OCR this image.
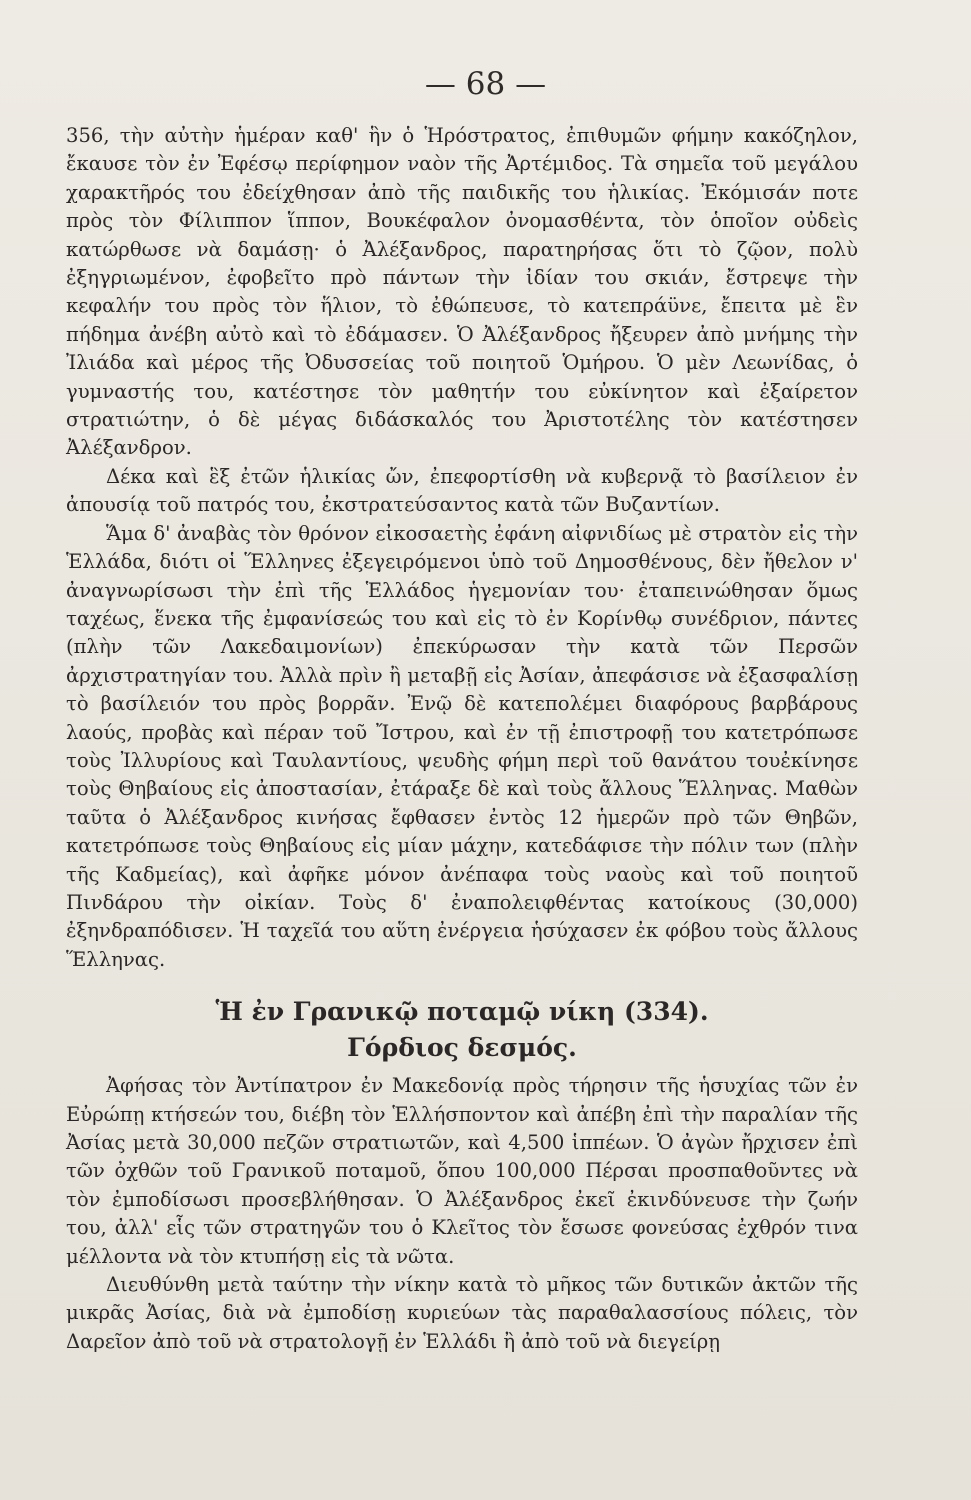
— 68 —

356, τὴν αὐτὴν ἡμέραν καθ' ἣν ὁ Ἡρόστρατος, ἐπιθυμῶν φήμην κακόζηλον, ἔκαυσε τὸν ἐν Ἐφέσῳ περίφημον ναὸν τῆς Ἀρτέμιδος. Τὰ σημεῖα τοῦ μεγάλου χαρακτῆρός του ἐδείχθησαν ἀπὸ τῆς παιδικῆς του ἡλικίας. Ἐκόμισάν ποτε πρὸς τὸν Φίλιππον ἵππον, Βουκέφαλον ὀνομασθέντα, τὸν ὁποῖον οὐδεὶς κατώρθωσε νὰ δαμάσῃ· ὁ Ἀλέξανδρος, παρατηρήσας ὅτι τὸ ζῷον, πολὺ ἐξηγριωμένον, ἐφοβεῖτο πρὸ πάντων τὴν ἰδίαν του σκιάν, ἔστρεψε τὴν κεφαλήν του πρὸς τὸν ἥλιον, τὸ ἐθώπευσε, τὸ κατεπράϋνε, ἔπειτα μὲ ἓν πήδημα ἀνέβη αὐτὸ καὶ τὸ ἐδάμασεν. Ὁ Ἀλέξανδρος ἤξευρεν ἀπὸ μνήμης τὴν Ἰλιάδα καὶ μέρος τῆς Ὀδυσσείας τοῦ ποιητοῦ Ὁμήρου. Ὁ μὲν Λεωνίδας, ὁ γυμναστής του, κατέστησε τὸν μαθητήν του εὐκίνητον καὶ ἐξαίρετον στρατιώτην, ὁ δὲ μέγας διδάσκαλός του Ἀριστοτέλης τὸν κατέστησεν Ἀλέξανδρον.

Δέκα καὶ ἓξ ἐτῶν ἡλικίας ὤν, ἐπεφορτίσθη νὰ κυβερνᾷ τὸ βασίλειον ἐν ἀπουσίᾳ τοῦ πατρός του, ἐκστρατεύσαντος κατὰ τῶν Βυζαντίων.

Ἅμα δ' ἀναβὰς τὸν θρόνον εἰκοσαετὴς ἐφάνη αἰφνιδίως μὲ στρατὸν εἰς τὴν Ἑλλάδα, διότι οἱ Ἕλληνες ἐξεγειρόμενοι ὑπὸ τοῦ Δημοσθένους, δὲν ἤθελον ν' ἀναγνωρίσωσι τὴν ἐπὶ τῆς Ἑλλάδος ἡγεμονίαν του· ἐταπεινώθησαν ὅμως ταχέως, ἕνεκα τῆς ἐμφανίσεώς του καὶ εἰς τὸ ἐν Κορίνθῳ συνέδριον, πάντες (πλὴν τῶν Λακεδαιμονίων) ἐπεκύρωσαν τὴν κατὰ τῶν Περσῶν ἀρχιστρατηγίαν του. Ἀλλὰ πρὶν ἢ μεταβῇ εἰς Ἀσίαν, ἀπεφάσισε νὰ ἐξασφαλίσῃ τὸ βασίλειόν του πρὸς βορρᾶν. Ἐνῷ δὲ κατεπολέμει διαφόρους βαρβάρους λαούς, προβὰς καὶ πέραν τοῦ Ἴστρου, καὶ ἐν τῇ ἐπιστροφῇ του κατετρόπωσε τοὺς Ἰλλυρίους καὶ Ταυλαντίους, ψευδὴς φήμη περὶ τοῦ θανάτου τουἐκίνησε τοὺς Θηβαίους εἰς ἀποστασίαν, ἐτάραξε δὲ καὶ τοὺς ἄλλους Ἕλληνας. Μαθὼν ταῦτα ὁ Ἀλέξανδρος κινήσας ἔφθασεν ἐντὸς 12 ἡμερῶν πρὸ τῶν Θηβῶν, κατετρόπωσε τοὺς Θηβαίους εἰς μίαν μάχην, κατεδάφισε τὴν πόλιν των (πλὴν τῆς Καδμείας), καὶ ἀφῆκε μόνον ἀνέπαφα τοὺς ναοὺς καὶ τοῦ ποιητοῦ Πινδάρου τὴν οἰκίαν. Τοὺς δ' ἐναπολειφθέντας κατοίκους (30,000) ἐξηνδραπόδισεν. Ἡ ταχεῖά του αὕτη ἐνέργεια ἡσύχασεν ἐκ φόβου τοὺς ἄλλους Ἕλληνας.

Ἡ ἐν Γρανικῷ ποταμῷ νίκη (334).
Γόρδιος δεσμός.

Ἀφήσας τὸν Ἀντίπατρον ἐν Μακεδονίᾳ πρὸς τήρησιν τῆς ἡσυχίας τῶν ἐν Εὐρώπῃ κτήσεών του, διέβη τὸν Ἑλλήσποντον καὶ ἀπέβη ἐπὶ τὴν παραλίαν τῆς Ἀσίας μετὰ 30,000 πεζῶν στρατιωτῶν, καὶ 4,500 ἱππέων. Ὁ ἀγὼν ἤρχισεν ἐπὶ τῶν ὀχθῶν τοῦ Γρανικοῦ ποταμοῦ, ὅπου 100,000 Πέρσαι προσπαθοῦντες νὰ τὸν ἐμποδίσωσι προσεβλήθησαν. Ὁ Ἀλέξανδρος ἐκεῖ ἐκινδύνευσε τὴν ζωήν του, ἀλλ' εἷς τῶν στρατηγῶν του ὁ Κλεῖτος τὸν ἔσωσε φονεύσας ἐχθρόν τινα μέλλοντα νὰ τὸν κτυπήσῃ εἰς τὰ νῶτα.

Διευθύνθη μετὰ ταύτην τὴν νίκην κατὰ τὸ μῆκος τῶν δυτικῶν ἀκτῶν τῆς μικρᾶς Ἀσίας, διὰ νὰ ἐμποδίσῃ κυριεύων τὰς παραθαλασσίους πόλεις, τὸν Δαρεῖον ἀπὸ τοῦ νὰ στρατολογῇ ἐν Ἑλλάδι ἢ ἀπὸ τοῦ νὰ διεγείρῃ
